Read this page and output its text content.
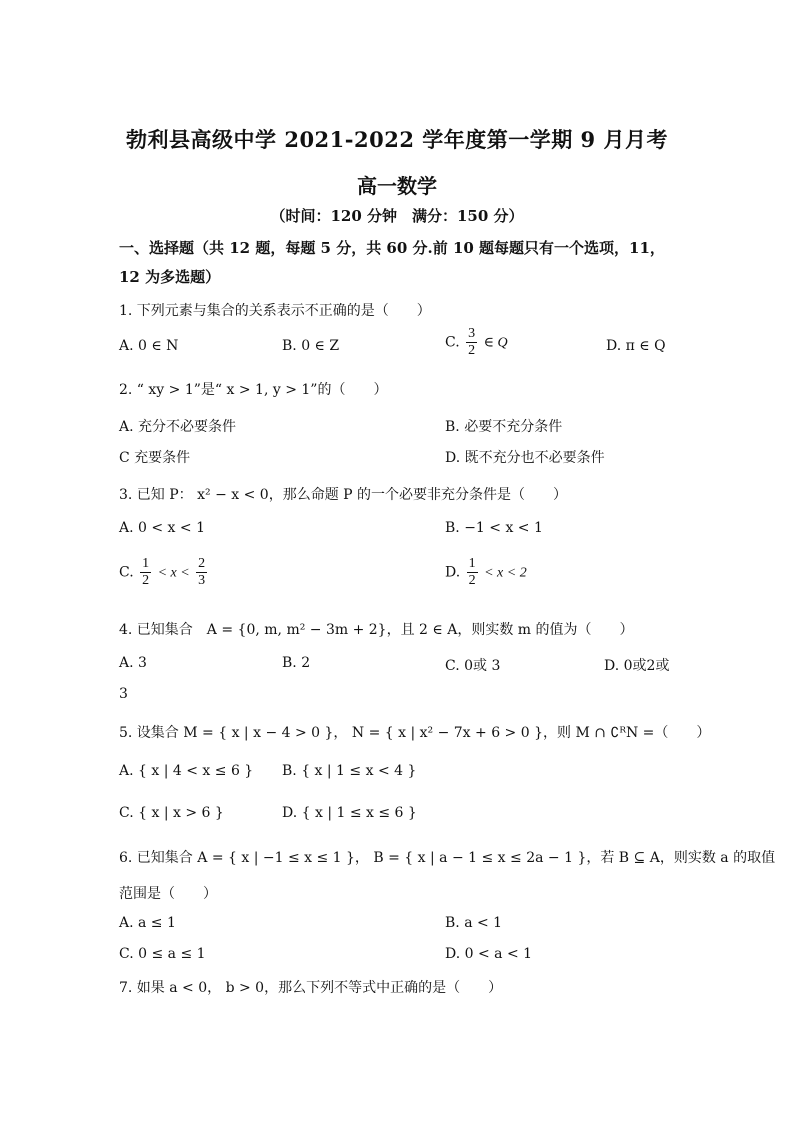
勃利县高级中学 2021-2022 学年度第一学期 9 月月考
高一数学
（时间：120 分钟　满分：150 分）
一、选择题（共 12 题，每题 5 分，共 60 分.前 10 题每题只有一个选项，11，12 为多选题）
1. 下列元素与集合的关系表示不正确的是（　　）
A. 0 ∈ N	B. 0 ∈ Z	C. $\frac{3}{2}$ ∈ Q	D. π ∈ Q
2. “ xy > 1”是“ x > 1, y > 1”的（　　）
A. 充分不必要条件	B. 必要不充分条件
C 充要条件	D. 既不充分也不必要条件
3. 已知 P： x² − x < 0，那么命题 P 的一个必要非充分条件是（　　）
A. 0 < x < 1	B. −1 < x < 1
C. $\frac{1}{2} < x < \frac{2}{3}$	D. $\frac{1}{2} < x < 2$
4. 已知集合　A = {0, m, m² − 3m + 2}，且 2 ∈ A，则实数 m 的值为（　　）
A. 3	B. 2	C. 0或 3	D. 0或2或
3
5. 设集合 M = { x | x − 4 > 0 }， N = { x | x² − 7x + 6 > 0 }，则 M ∩ ∁ᴿN =（　　）
A. { x | 4 < x ≤ 6 } B. { x | 1 ≤ x < 4 }
C. { x | x > 6 }	D. { x | 1 ≤ x ≤ 6 }
6. 已知集合 A = { x | −1 ≤ x ≤ 1 }， B = { x | a − 1 ≤ x ≤ 2a − 1 }，若 B ⊆ A，则实数 a 的取值
范围是（　　）
A. a ≤ 1	B. a < 1
C. 0 ≤ a ≤ 1	D. 0 < a < 1
7. 如果 a < 0， b > 0，那么下列不等式中正确的是（　　）
